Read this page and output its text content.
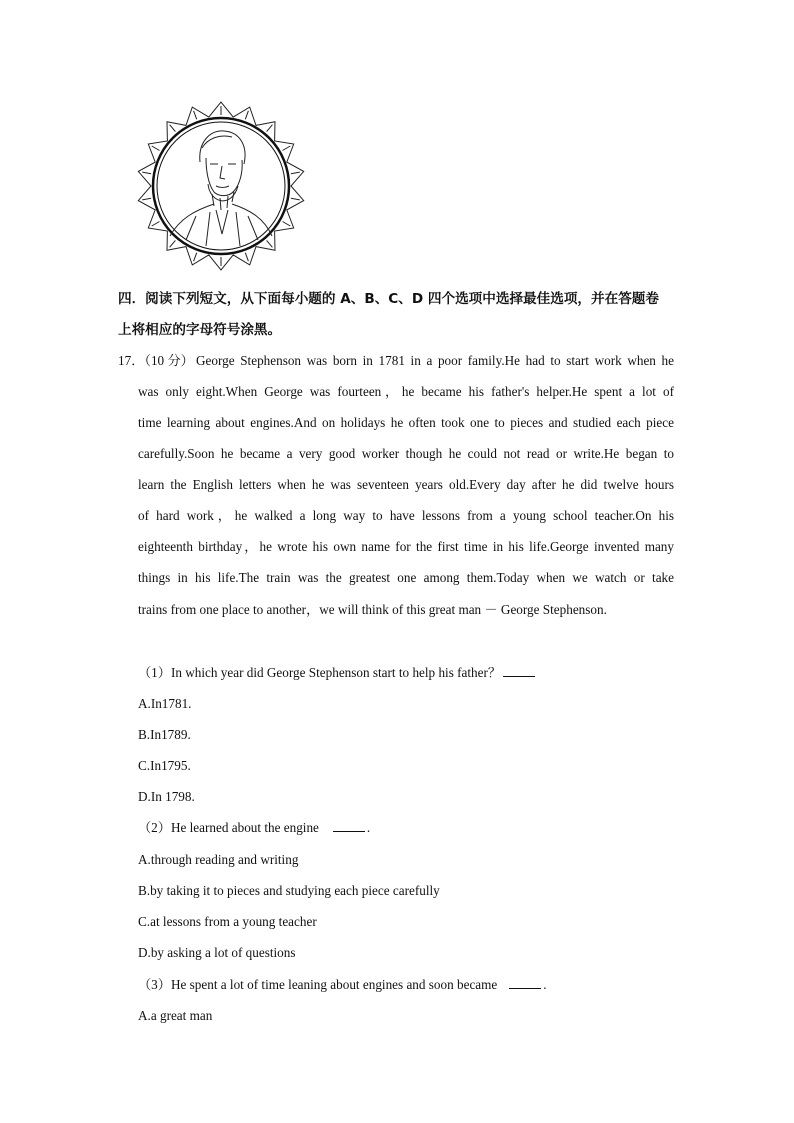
四．阅读下列短文，从下面每小题的 A、B、C、D 四个选项中选择最佳选项，并在答题卷
上将相应的字母符号涂黑。
17．（10 分） George Stephenson was born in 1781 in a poor family.He had to start work when he
was only eight.When George was fourteen，he became his father's helper.He spent a lot of
time learning about engines.And on holidays he often took one to pieces and studied each piece
carefully.Soon he became a very good worker though he could not read or write.He began to
learn the English letters when he was seventeen years old.Every day after he did twelve hours
of hard work，he walked a long way to have lessons from a young school teacher.On his
eighteenth birthday，he wrote his own name for the first time in his life.George invented many
things in his life.The train was the greatest one among them.Today when we watch or take
trains from one place to another，we will think of this great man － George Stephenson.
（1）In which year did George Stephenson start to help his father？
A.In1781.
B.In1789.
C.In1795.
D.In 1798.
（2）He learned about the engine	.
A.through reading and writing
B.by taking it to pieces and studying each piece carefully
C.at lessons from a young teacher
D.by asking a lot of questions
（3）He spent a lot of time leaning about engines and soon became	.
A.a great man
